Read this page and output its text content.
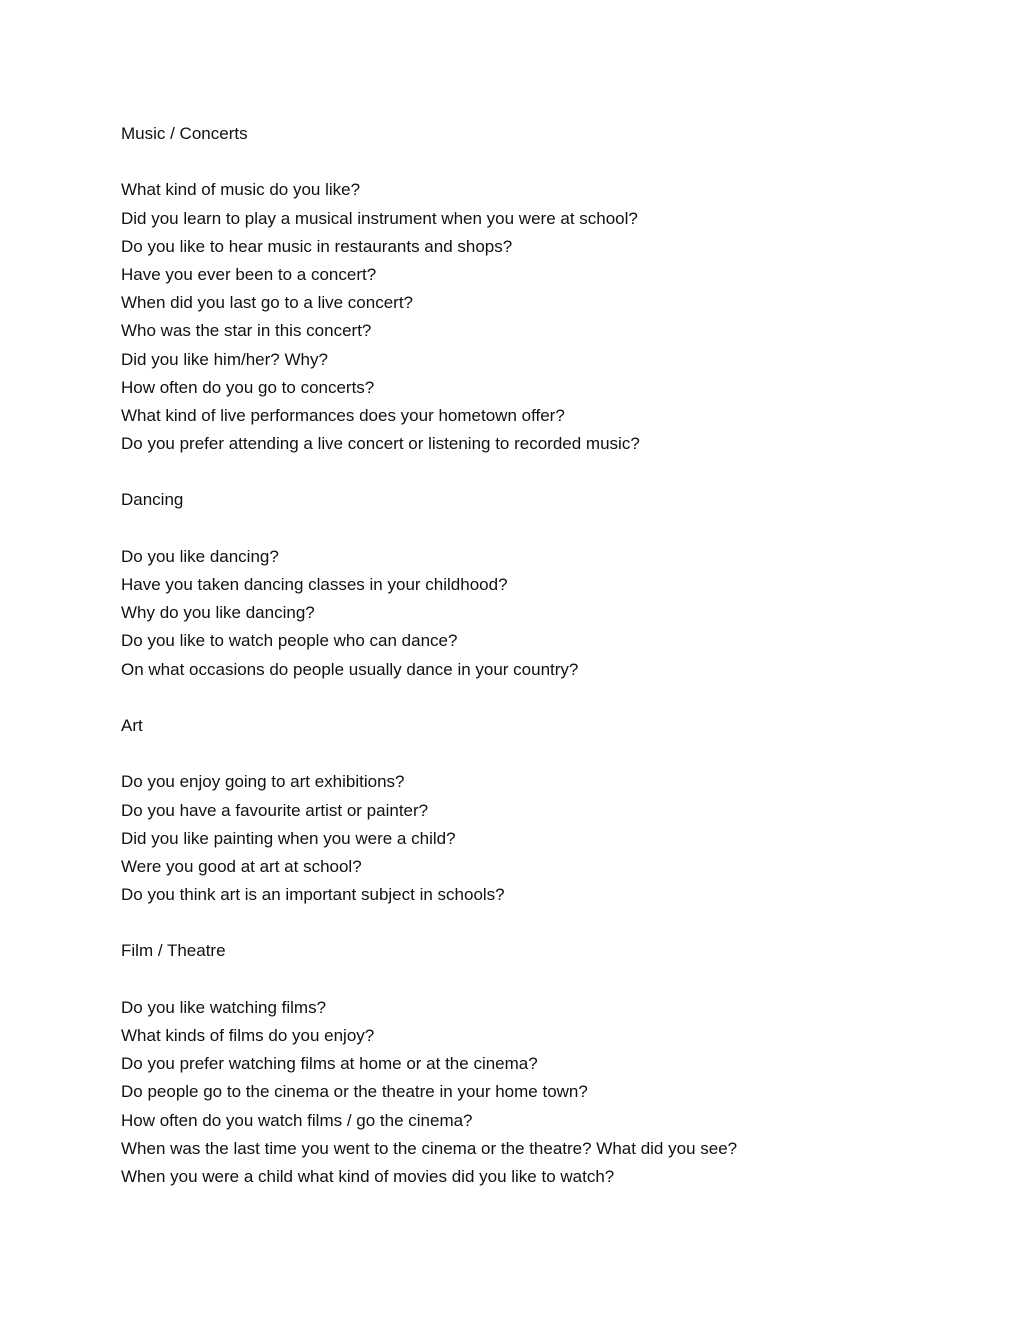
Music / Concerts
What kind of music do you like?
Did you learn to play a musical instrument when you were at school?
Do you like to hear music in restaurants and shops?
Have you ever been to a concert?
When did you last go to a live concert?
Who was the star in this concert?
Did you like him/her? Why?
How often do you go to concerts?
What kind of live performances does your hometown offer?
Do you prefer attending a live concert or listening to recorded music?
Dancing
Do you like dancing?
Have you taken dancing classes in your childhood?
Why do you like dancing?
Do you like to watch people who can dance?
On what occasions do people usually dance in your country?
Art
Do you enjoy going to art exhibitions?
Do you have a favourite artist or painter?
Did you like painting when you were a child?
Were you good at art at school?
Do you think art is an important subject in schools?
Film / Theatre
Do you like watching films?
What kinds of films do you enjoy?
Do you prefer watching films at home or at the cinema?
Do people go to the cinema or the theatre in your home town?
How often do you watch films / go the cinema?
When was the last time you went to the cinema or the theatre? What did you see?
When you were a child what kind of movies did you like to watch?
